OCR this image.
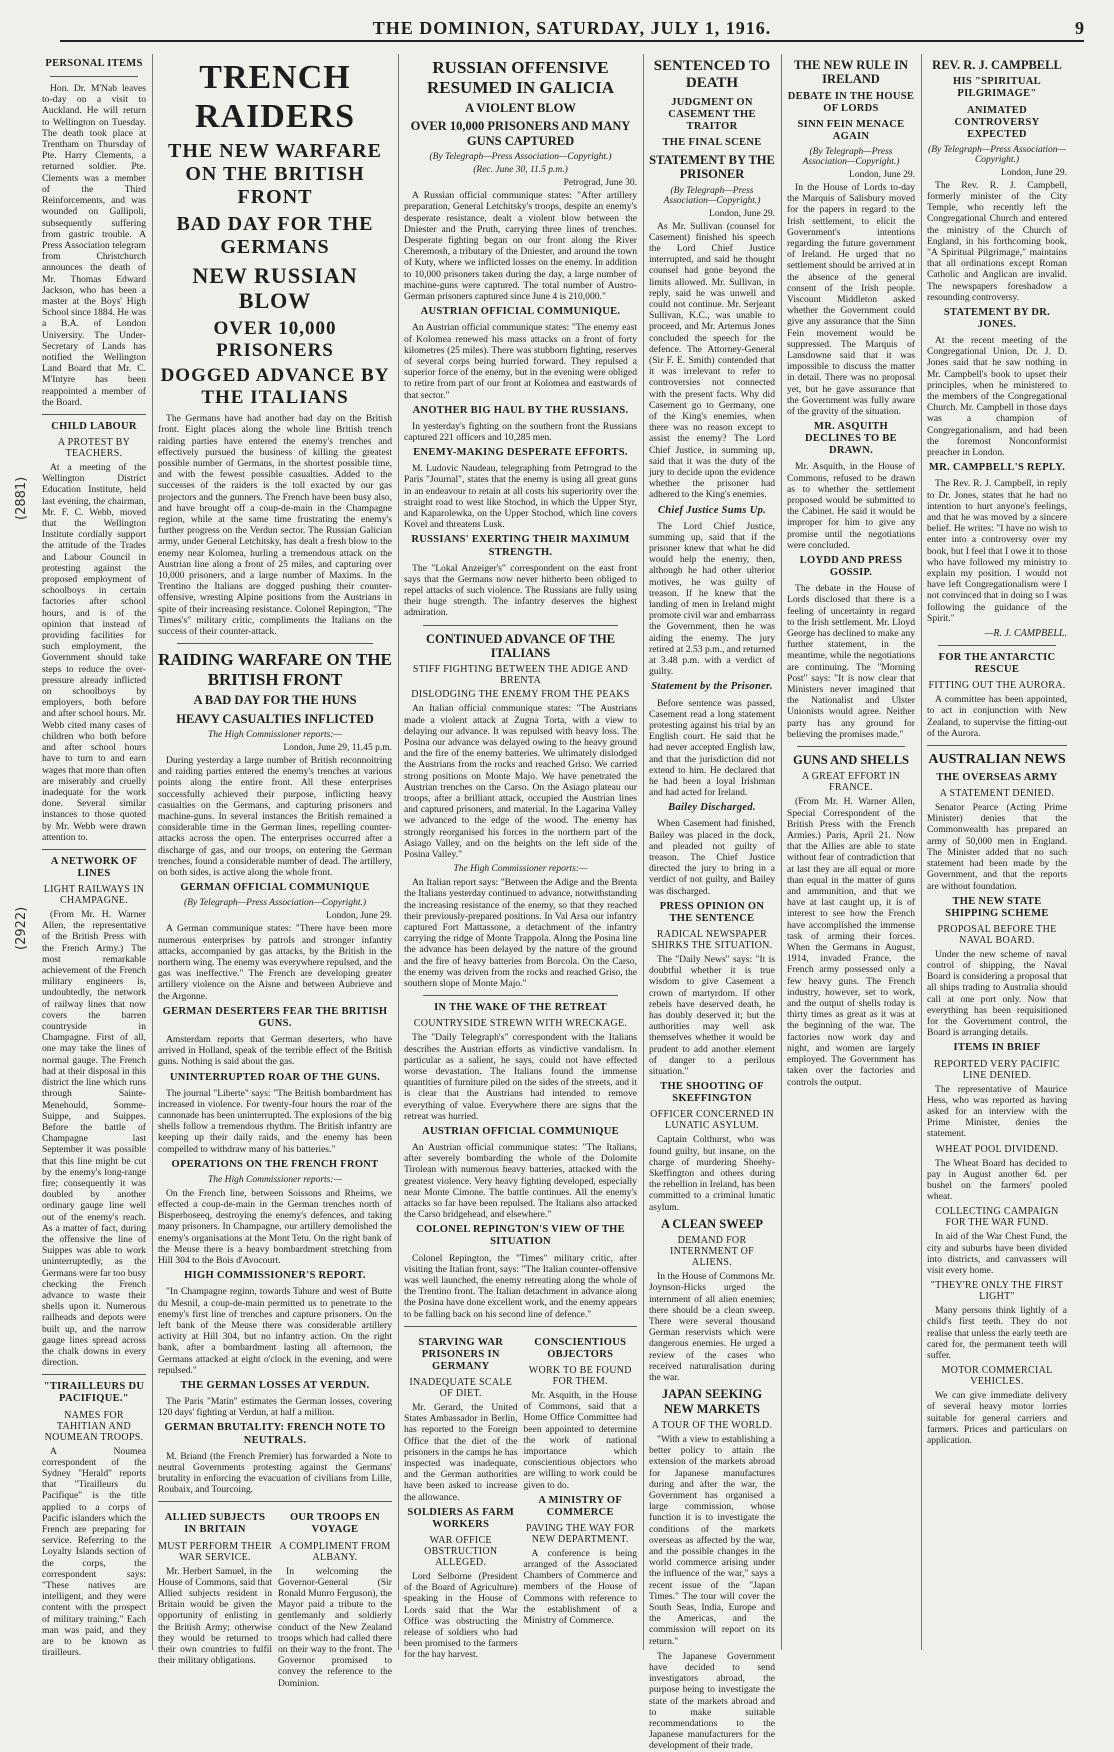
THE DOMINION, SATURDAY, JULY 1, 1916.	9
(2881)
(2922)
PERSONAL ITEMS

Hon. Dr. M'Nab leaves to-day on a visit to Auckland. He will return to Wellington on Tuesday. The death took place at Trentham on Thursday of Pte. Harry Clements, a returned soldier. Pte. Clements was a member of the Third Reinforcements, and was wounded on Gallipoli, subsequently suffering from gastric trouble. A Press Association telegram from Christchurch announces the death of Mr. Thomas Edward Jackson, who has been a master at the Boys' High School since 1884. He was a B.A. of London University. The Under-Secretary of Lands has notified the Wellington Land Board that Mr. C. M'Intyre has been reappointed a member of the Board.

CHILD LABOUR
A PROTEST BY TEACHERS.

At a meeting of the Wellington District Education Institute, held last evening, the chairman, Mr. F. C. Webb, moved that the Wellington Institute cordially support the attitude of the Trades and Labour Council in protesting against the proposed employment of schoolboys in certain factories after school hours, and is of the opinion that instead of providing facilities for such employment, the Government should take steps to reduce the over-pressure already inflicted on schoolboys by employers, both before and after school hours. Mr. Webb cited many cases of children who both before and after school hours have to turn to and earn wages that more than often are miserably and cruelly inadequate for the work done. Several similar instances to those quoted by Mr. Webb were drawn attention to.

A NETWORK OF LINES
LIGHT RAILWAYS IN CHAMPAGNE.

(From Mr. H. Warner Allen, the representative of the British Press with the French Army.) The most remarkable achievement of the French military engineers is, undoubtedly, the network of railway lines that now covers the barren countryside in Champagne. First of all, one may take the lines of normal gauge. The French had at their disposal in this district the line which runs through Sainte-Menehould, Somme-Suippe, and Suippes. Before the battle of Champagne last September it was possible that this line might be cut by the enemy's long-range fire; consequently it was doubled by another ordinary gauge line well out of the enemy's reach. As a matter of fact, during the offensive the line of Suippes was able to work uninterruptedly, as the Germans were far too busy checking the French advance to waste their shells upon it. Numerous railheads and depots were built up, and the narrow gauge lines spread across the chalk downs in every direction.

"TIRAILLEURS DU PACIFIQUE."
NAMES FOR TAHITIAN AND NOUMEAN TROOPS.

A Noumea correspondent of the Sydney "Herald" reports that "Tirailleurs du Pacifique" is the title applied to a corps of Pacific islanders which the French are preparing for service. Referring to the Loyalty Islands section of the corps, the correspondent says: "These natives are intelligent, and they were content with the prospect of military training." Each man was paid, and they are to be known as tirailleurs.

TRENCH RAIDERS
THE NEW WARFARE ON THE BRITISH FRONT
BAD DAY FOR THE GERMANS
NEW RUSSIAN BLOW
OVER 10,000 PRISONERS
DOGGED ADVANCE BY THE ITALIANS

The Germans have had another bad day on the British front. Eight places along the whole line British trench raiding parties have entered the enemy's trenches and effectively pursued the business of killing the greatest possible number of Germans, in the shortest possible time, and with the fewest possible casualties. Added to the successes of the raiders is the toll exacted by our gas projectors and the gunners. The French have been busy also, and have brought off a coup-de-main in the Champagne region, while at the same time frustrating the enemy's further progress on the Verdun sector. The Russian Galician army, under General Letchitsky, has dealt a fresh blow to the enemy near Kolomea, hurling a tremendous attack on the Austrian line along a front of 25 miles, and capturing over 10,000 prisoners, and a large number of Maxims. In the Trentino the Italians are dogged pushing their counter-offensive, wresting Alpine positions from the Austrians in spite of their increasing resistance. Colonel Repington, "The Times's" military critic, compliments the Italians on the success of their counter-attack.

RAIDING WARFARE ON THE BRITISH FRONT
A BAD DAY FOR THE HUNS
HEAVY CASUALTIES INFLICTED
The High Commissioner reports:—
London, June 29, 11.45 p.m.

During yesterday a large number of British reconnoitring and raiding parties entered the enemy's trenches at various points along the entire front. All these enterprises successfully achieved their purpose, inflicting heavy casualties on the Germans, and capturing prisoners and machine-guns. In several instances the British remained a considerable time in the German lines, repelling counter-attacks across the open. The enterprises occurred after a discharge of gas, and our troops, on entering the German trenches, found a considerable number of dead. The artillery, on both sides, is active along the whole front.

GERMAN OFFICIAL COMMUNIQUE
(By Telegraph—Press Association—Copyright.)
London, June 29.

A German communique states: "There have been more numerous enterprises by patrols and stronger infantry attacks, accompanied by gas attacks, by the British in the northern wing. The enemy was everywhere repulsed, and the gas was ineffective." The French are developing greater artillery violence on the Aisne and between Aubrieve and the Argonne.

GERMAN DESERTERS FEAR THE BRITISH GUNS.

Amsterdam reports that German deserters, who have arrived in Holland, speak of the terrible effect of the British guns. Nothing is said about the gas.

UNINTERRUPTED ROAR OF THE GUNS.

The journal "Liberte" says: "The British bombardment has increased in violence. For twenty-four hours the roar of the cannonade has been uninterrupted. The explosions of the big shells follow a tremendous rhythm. The British infantry are keeping up their daily raids, and the enemy has been compelled to withdraw many of his batteries."

OPERATIONS ON THE FRENCH FRONT
The High Commissioner reports:—

On the French line, between Soissons and Rheims, we effected a coup-de-main in the German trenches north of Bisperboseeq, destroying the enemy's defences, and taking many prisoners. In Champagne, our artillery demolished the enemy's organisations at the Mont Tetu. On the right bank of the Meuse there is a heavy bombardment stretching from Hill 304 to the Bois d'Avocourt.

HIGH COMMISSIONER'S REPORT.

"In Champagne reginn, towards Tahure and west of Butte du Mesnil, a coup-de-main permitted us to penetrate to the enemy's first line of trenches and capture prisoners. On the left bank of the Meuse there was considerable artillery activity at Hill 304, but no infantry action. On the right bank, after a bombardment lasting all afternoon, the Germans attacked at eight o'clock in the evening, and were repulsed."

THE GERMAN LOSSES AT VERDUN.

The Paris "Matin" estimates the German losses, covering 120 days' fighting at Verdun, at half a million.

GERMAN BRUTALITY: FRENCH NOTE TO NEUTRALS.

M. Briand (the French Premier) has forwarded a Note to neutral Governments protesting against the Germans' brutality in enforcing the evacuation of civilians from Lille, Roubaix, and Tourcoing.

ALLIED SUBJECTS IN BRITAIN
MUST PERFORM THEIR WAR SERVICE.

Mr. Herbert Samuel, in the House of Commons, said that Allied subjects resident in Britain would be given the opportunity of enlisting in the British Army; otherwise they would be returned to their own countries to fulfil their military obligations.

OUR TROOPS EN VOYAGE
A COMPLIMENT FROM ALBANY.

In welcoming the Governor-General (Sir Ronald Munro Ferguson), the Mayor paid a tribute to the gentlemanly and soldierly conduct of the New Zealand troops which had called there on their way to the front. The Governor promised to convey the reference to the Dominion.

RUSSIAN OFFENSIVE RESUMED IN GALICIA
A VIOLENT BLOW
OVER 10,000 PRISONERS AND MANY GUNS CAPTURED
(By Telegraph—Press Association—Copyright.)
(Rec. June 30, 11.5 p.m.)
Petrograd, June 30.

A Russian official communique states: "After artillery preparation, General Letchitsky's troops, despite an enemy's desperate resistance, dealt a violent blow between the Dniester and the Pruth, carrying three lines of trenches. Desperate fighting began on our front along the River Cheremosh, a tributary of the Dniester, and around the town of Kuty, where we inflicted losses on the enemy. In addition to 10,000 prisoners taken during the day, a large number of machine-guns were captured. The total number of Austro-German prisoners captured since June 4 is 210,000."

AUSTRIAN OFFICIAL COMMUNIQUE.

An Austrian official communique states: "The enemy east of Kolomea renewed his mass attacks on a front of forty kilometres (25 miles). There was stubborn fighting, reserves of several corps being hurried forward. They repulsed a superior force of the enemy, but in the evening were obliged to retire from part of our front at Kolomea and eastwards of that sector."

ANOTHER BIG HAUL BY THE RUSSIANS.

In yesterday's fighting on the southern front the Russians captured 221 officers and 10,285 men.

ENEMY-MAKING DESPERATE EFFORTS.

M. Ludovic Naudeau, telegraphing from Petrograd to the Paris "Journal", states that the enemy is using all great guns in an endeavour to retain at all costs his superiority over the straight road to west like Stochod, in which the Upper Styr, and Kaparolewka, on the Upper Stochod, which line covers Kovel and threatens Lusk.

RUSSIANS' EXERTING THEIR MAXIMUM STRENGTH.

The "Lokal Anzeiger's" correspondent on the east front says that the Germans now never hitherto been obliged to repel attacks of such violence. The Russians are fully using their huge strength. The infantry deserves the highest admiration.

CONTINUED ADVANCE OF THE ITALIANS
STIFF FIGHTING BETWEEN THE ADIGE AND BRENTA
DISLODGING THE ENEMY FROM THE PEAKS

An Italian official communique states: "The Austrians made a violent attack at Zugna Torta, with a view to delaying our advance. It was repulsed with heavy loss. The Posina our advance was delayed owing to the heavy ground and the fire of the enemy batteries. We ultimately dislodged the Austrians from the rocks and reached Griso. We carried strong positions on Monte Majo. We have penetrated the Austrian trenches on the Carso. On the Asiago plateau our troops, after a brilliant attack, occupied the Austrian lines and captured prisoners, and material. In the Lagarina Valley we advanced to the edge of the wood. The enemy has strongly reorganised his forces in the northern part of the Asiago Valley, and on the heights on the left side of the Posina Valley."

The High Commissioner reports:—

An Italian report says: "Between the Adige and the Brenta the Italians yesterday continued to advance, notwithstanding the increasing resistance of the enemy, so that they reached their previously-prepared positions. In Val Arsa our infantry captured Fort Mattassone, a detachment of the infantry carrying the ridge of Monte Trappola. Along the Posina line the advance has been delayed by the nature of the ground and the fire of heavy batteries from Borcola. On the Carso, the enemy was driven from the rocks and reached Griso, the southern slope of Monte Majo."

IN THE WAKE OF THE RETREAT
COUNTRYSIDE STREWN WITH WRECKAGE.

The "Daily Telegraph's" correspondent with the Italians describes the Austrian efforts as vindictive vandalism. In particular as a salient, he says, could not have effected worse devastation. The Italians found the immense quantities of furniture piled on the sides of the streets, and it is clear that the Austrians had intended to remove everything of value. Everywhere there are signs that the retreat was hurried.

AUSTRIAN OFFICIAL COMMUNIQUE

An Austrian official communique states: "The Italians, after severely bombarding the whole of the Dolomite Tirolean with numerous heavy batteries, attacked with the greatest violence. Very heavy fighting developed, especially near Monte Cimone. The battle continues. All the enemy's attacks so far have been repulsed. The Italians also attacked the Carso bridgehead, and elsewhere."

COLONEL REPINGTON'S VIEW OF THE SITUATION

Colonel Repington, the "Times" military critic, after visiting the Italian front, says: "The Italian counter-offensive was well launched, the enemy retreating along the whole of the Trentino front. The Italian detachment in advance along the Posina have done excellent work, and the enemy appears to be falling back on his second line of defence."

STARVING WAR PRISONERS IN GERMANY
INADEQUATE SCALE OF DIET.

Mr. Gerard, the United States Ambassador in Berlin, has reported to the Foreign Office that the diet of the prisoners in the camps he has inspected was inadequate, and the German authorities have been asked to increase the allowance.

SOLDIERS AS FARM WORKERS
WAR OFFICE OBSTRUCTION ALLEGED.

Lord Selborne (President of the Board of Agriculture) speaking in the House of Lords said that the War Office was obstructing the release of soldiers who had been promised to the farmers for the hay harvest.

CONSCIENTIOUS OBJECTORS
WORK TO BE FOUND FOR THEM.

Mr. Asquith, in the House of Commons, said that a Home Office Committee had been appointed to determine the work of national importance which conscientious objectors who are willing to work could be given to do.

A MINISTRY OF COMMERCE
PAVING THE WAY FOR NEW DEPARTMENT.

A conference is being arranged of the Associated Chambers of Commerce and members of the House of Commons with reference to the establishment of a Ministry of Commerce.

SENTENCED TO DEATH
JUDGMENT ON CASEMENT THE TRAITOR
THE FINAL SCENE
STATEMENT BY THE PRISONER
(By Telegraph—Press Association—Copyright.)
London, June 29.

As Mr. Sullivan (counsel for Casement) finished his speech the Lord Chief Justice interrupted, and said he thought counsel had gone beyond the limits allowed. Mr. Sullivan, in reply, said he was unwell and could not continue. Mr. Serjeant Sullivan, K.C., was unable to proceed, and Mr. Artemus Jones concluded the speech for the defence. The Attorney-General (Sir F. E. Smith) contended that it was irrelevant to refer to controversies not connected with the present facts. Why did Casement go to Germany, one of the King's enemies, when there was no reason except to assist the enemy? The Lord Chief Justice, in summing up, said that it was the duty of the jury to decide upon the evidence whether the prisoner had adhered to the King's enemies.

Chief Justice Sums Up.

The Lord Chief Justice, summing up, said that if the prisoner knew that what he did would help the enemy, then, although he had other ulterior motives, he was guilty of treason. If he knew that the landing of men in Ireland might promote civil war and embarrass the Government, then he was aiding the enemy. The jury retired at 2.53 p.m., and returned at 3.48 p.m. with a verdict of guilty.

Statement by the Prisoner.

Before sentence was passed, Casement read a long statement protesting against his trial by an English court. He said that he had never accepted English law, and that the jurisdiction did not extend to him. He declared that he had been a loyal Irishman and had acted for Ireland.

Bailey Discharged.

When Casement had finished, Bailey was placed in the dock, and pleaded not guilty of treason. The Chief Justice directed the jury to bring in a verdict of not guilty, and Bailey was discharged.

PRESS OPINION ON THE SENTENCE
RADICAL NEWSPAPER SHIRKS THE SITUATION.

The "Daily News" says: "It is doubtful whether it is true wisdom to give Casement a crown of martyrdom. If other rebels have deserved death, he has doubly deserved it; but the authorities may well ask themselves whether it would be prudent to add another element of danger to a perilous situation."

THE SHOOTING OF SKEFFINGTON
OFFICER CONCERNED IN LUNATIC ASYLUM.

Captain Colthurst, who was found guilty, but insane, on the charge of murdering Sheehy-Skeffington and others during the rebellion in Ireland, has been committed to a criminal lunatic asylum.

A CLEAN SWEEP
DEMAND FOR INTERNMENT OF ALIENS.

In the House of Commons Mr. Joynson-Hicks urged the internment of all alien enemies; there should be a clean sweep. There were several thousand German reservists which were dangerous enemies. He urged a review of the cases who received naturalisation during the war.

JAPAN SEEKING NEW MARKETS
A TOUR OF THE WORLD.

"With a view to establishing a better policy to attain the extension of the markets abroad for Japanese manufactures during and after the war, the Government has organised a large commission, whose function it is to investigate the conditions of the markets overseas as affected by the war, and the possible changes in the world commerce arising under the influence of the war," says a recent issue of the "Japan Times." The tour will cover the South Seas, India, Europe and the Americas, and the commission will report on its return."

The Japanese Government have decided to send investigators abroad, the purpose being to investigate the state of the markets abroad and to make suitable recommendations to the Japanese manufacturers for the development of their trade.

THE NEW RULE IN IRELAND
DEBATE IN THE HOUSE OF LORDS
SINN FEIN MENACE AGAIN
(By Telegraph—Press Association—Copyright.)
London, June 29.

In the House of Lords to-day the Marquis of Salisbury moved for the papers in regard to the Irish settlement, to elicit the Government's intentions regarding the future government of Ireland. He urged that no settlement should be arrived at in the absence of the general consent of the Irish people. Viscount Middleton asked whether the Government could give any assurance that the Sinn Fein movement would be suppressed. The Marquis of Lansdowne said that it was impossible to discuss the matter in detail. There was no proposal yet, but he gave assurance that the Government was fully aware of the gravity of the situation.

MR. ASQUITH DECLINES TO BE DRAWN.

Mr. Asquith, in the House of Commons, refused to be drawn as to whether the settlement proposed would be submitted to the Cabinet. He said it would be improper for him to give any promise until the negotiations were concluded.

LOYDD AND PRESS GOSSIP.

The debate in the House of Lords disclosed that there is a feeling of uncertainty in regard to the Irish settlement. Mr. Lloyd George has declined to make any further statement, in the meantime, while the negotiations are continuing. The "Morning Post" says: "It is now clear that Ministers never imagined that the Nationalist and Ulster Unionists would agree. Neither party has any ground for believing the promises made."

GUNS AND SHELLS
A GREAT EFFORT IN FRANCE.

(From Mr. H. Warner Allen, Special Correspondent of the British Press with the French Armies.) Paris, April 21. Now that the Allies are able to state without fear of contradiction that at last they are all equal or more than equal in the matter of guns and ammunition, and that we have at last caught up, it is of interest to see how the French have accomplished the immense task of arming their forces. When the Germans in August, 1914, invaded France, the French army possessed only a few heavy guns. The French industry, however, set to work, and the output of shells today is thirty times as great as it was at the beginning of the war. The factories now work day and night, and women are largely employed. The Government has taken over the factories and controls the output.

REV. R. J. CAMPBELL
HIS "SPIRITUAL PILGRIMAGE"
ANIMATED CONTROVERSY EXPECTED
(By Telegraph—Press Association—Copyright.)
London, June 29.

The Rev. R. J. Campbell, formerly minister of the City Temple, who recently left the Congregational Church and entered the ministry of the Church of England, in his forthcoming book, "A Spiritual Pilgrimage," maintains that all ordinations except Roman Catholic and Anglican are invalid. The newspapers foreshadow a resounding controversy.

STATEMENT BY DR. JONES.

At the recent meeting of the Congregational Union, Dr. J. D. Jones said that he saw nothing in Mr. Campbell's book to upset their principles, when he ministered to the members of the Congregational Church. Mr. Campbell in those days was a champion of Congregationalism, and had been the foremost Nonconformist preacher in London.

MR. CAMPBELL'S REPLY.

The Rev. R. J. Campbell, in reply to Dr. Jones, states that he had no intention to hurt anyone's feelings, and that he was moved by a sincere belief. He writes: "I have no wish to enter into a controversy over my book, but I feel that I owe it to those who have followed my ministry to explain my position. I would not have left Congregationalism were I not convinced that in doing so I was following the guidance of the Spirit."

—R. J. CAMPBELL.
FOR THE ANTARCTIC RESCUE
FITTING OUT THE AURORA.

A committee has been appointed, to act in conjunction with New Zealand, to supervise the fitting-out of the Aurora.

AUSTRALIAN NEWS
THE OVERSEAS ARMY
A STATEMENT DENIED.

Senator Pearce (Acting Prime Minister) denies that the Commonwealth has prepared an army of 50,000 men in England. The Minister added that no such statement had been made by the Government, and that the reports are without foundation.

THE NEW STATE SHIPPING SCHEME
PROPOSAL BEFORE THE NAVAL BOARD.

Under the new scheme of naval control of shipping, the Naval Board is considering a proposal that all ships trading to Australia should call at one port only. Now that everything has been requisitioned for the Government control, the Board is arranging details.

ITEMS IN BRIEF
REPORTED VERY PACIFIC LINE DENIED.

The representative of Maurice Hess, who was reported as having asked for an interview with the Prime Minister, denies the statement.

WHEAT POOL DIVIDEND.

The Wheat Board has decided to pay in August another 6d. per bushel on the farmers' pooled wheat.

COLLECTING CAMPAIGN FOR THE WAR FUND.

In aid of the War Chest Fund, the city and suburbs have been divided into districts, and canvassers will visit every home.

"THEY'RE ONLY THE FIRST LIGHT"

Many persons think lightly of a child's first teeth. They do not realise that unless the early teeth are cared for, the permanent teeth will suffer.

MOTOR COMMERCIAL VEHICLES.

We can give immediate delivery of several heavy motor lorries suitable for general carriers and farmers. Prices and particulars on application.
